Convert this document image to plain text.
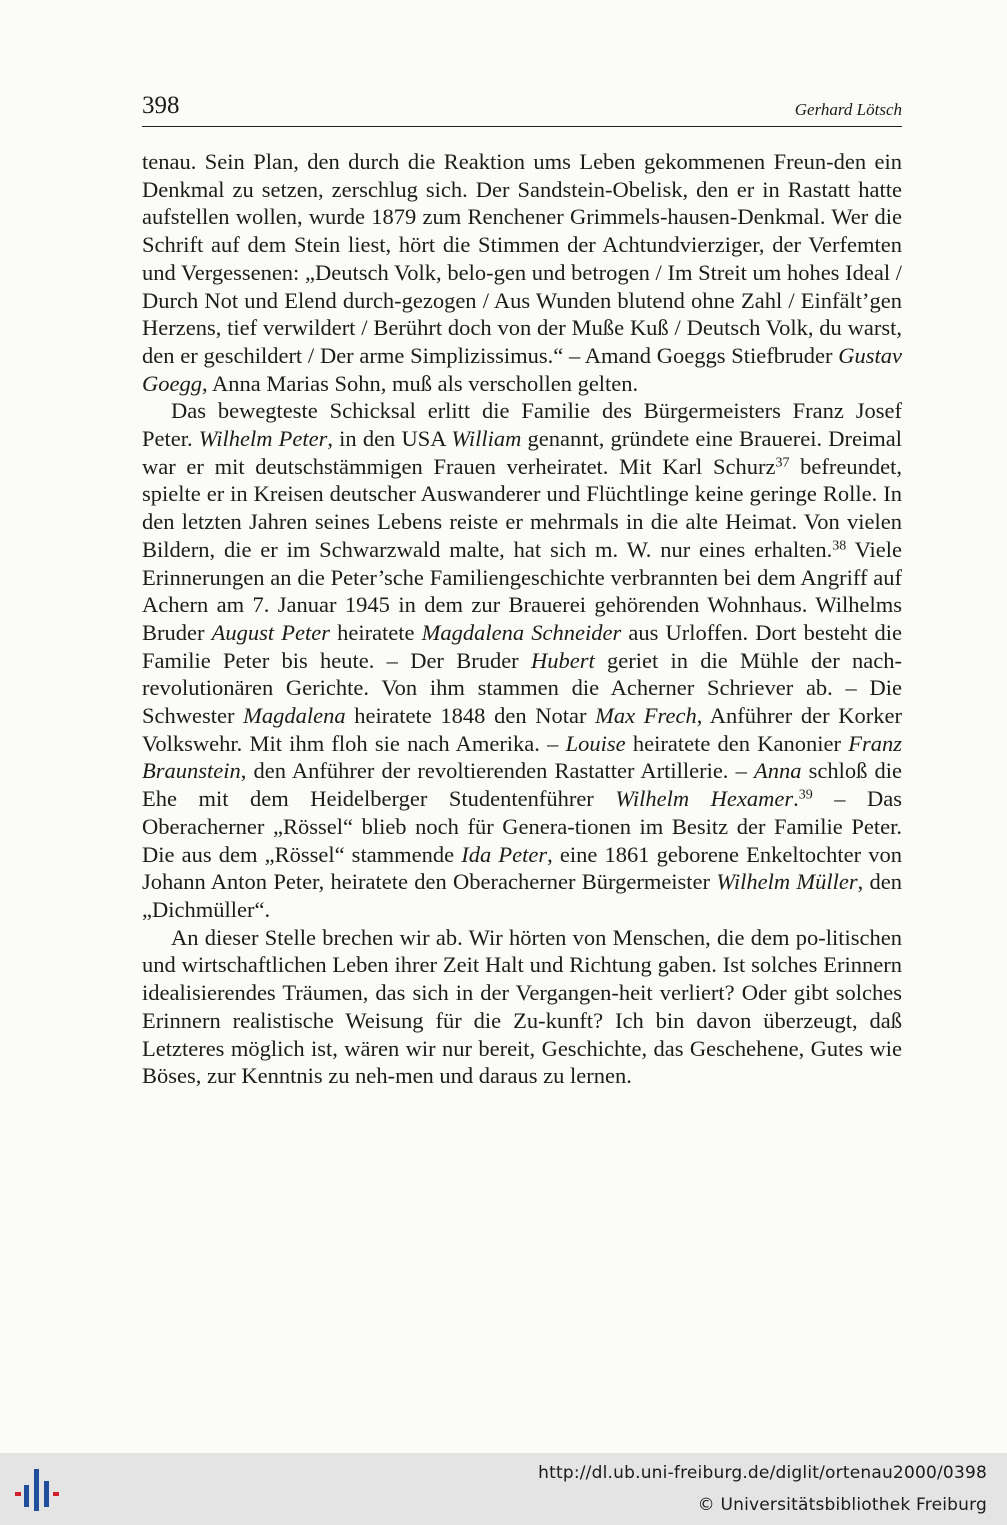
398	Gerhard Lötsch

tenau. Sein Plan, den durch die Reaktion ums Leben gekommenen Freun-den ein Denkmal zu setzen, zerschlug sich. Der Sandstein-Obelisk, den er in Rastatt hatte aufstellen wollen, wurde 1879 zum Renchener Grimmels-hausen-Denkmal. Wer die Schrift auf dem Stein liest, hört die Stimmen der Achtundvierziger, der Verfemten und Vergessenen: „Deutsch Volk, belo-gen und betrogen / Im Streit um hohes Ideal / Durch Not und Elend durch-gezogen / Aus Wunden blutend ohne Zahl / Einfält’gen Herzens, tief verwildert / Berührt doch von der Muße Kuß / Deutsch Volk, du warst, den er geschildert / Der arme Simplizissimus.“ – Amand Goeggs Stiefbruder Gustav Goegg, Anna Marias Sohn, muß als verschollen gelten.

Das bewegteste Schicksal erlitt die Familie des Bürgermeisters Franz Josef Peter. Wilhelm Peter, in den USA William genannt, gründete eine Brauerei. Dreimal war er mit deutschstämmigen Frauen verheiratet. Mit Karl Schurz$^{37}$ befreundet, spielte er in Kreisen deutscher Auswanderer und Flüchtlinge keine geringe Rolle. In den letzten Jahren seines Lebens reiste er mehrmals in die alte Heimat. Von vielen Bildern, die er im Schwarzwald malte, hat sich m. W. nur eines erhalten.$^{38}$ Viele Erinnerungen an die Peter’sche Familiengeschichte verbrannten bei dem Angriff auf Achern am 7. Januar 1945 in dem zur Brauerei gehörenden Wohnhaus. Wilhelms Bruder August Peter heiratete Magdalena Schneider aus Urloffen. Dort besteht die Familie Peter bis heute. – Der Bruder Hubert geriet in die Mühle der nach-revolutionären Gerichte. Von ihm stammen die Acherner Schriever ab. – Die Schwester Magdalena heiratete 1848 den Notar Max Frech, Anführer der Korker Volkswehr. Mit ihm floh sie nach Amerika. – Louise heiratete den Kanonier Franz Braunstein, den Anführer der revoltierenden Rastatter Artillerie. – Anna schloß die Ehe mit dem Heidelberger Studentenführer Wilhelm Hexamer.$^{39}$ – Das Oberacherner „Rössel“ blieb noch für Genera-tionen im Besitz der Familie Peter. Die aus dem „Rössel“ stammende Ida Peter, eine 1861 geborene Enkeltochter von Johann Anton Peter, heiratete den Oberacherner Bürgermeister Wilhelm Müller, den „Dichmüller“.

An dieser Stelle brechen wir ab. Wir hörten von Menschen, die dem po-litischen und wirtschaftlichen Leben ihrer Zeit Halt und Richtung gaben. Ist solches Erinnern idealisierendes Träumen, das sich in der Vergangen-heit verliert? Oder gibt solches Erinnern realistische Weisung für die Zu-kunft? Ich bin davon überzeugt, daß Letzteres möglich ist, wären wir nur bereit, Geschichte, das Geschehene, Gutes wie Böses, zur Kenntnis zu neh-men und daraus zu lernen.

http://dl.ub.uni-freiburg.de/diglit/ortenau2000/0398
© Universitätsbibliothek Freiburg
